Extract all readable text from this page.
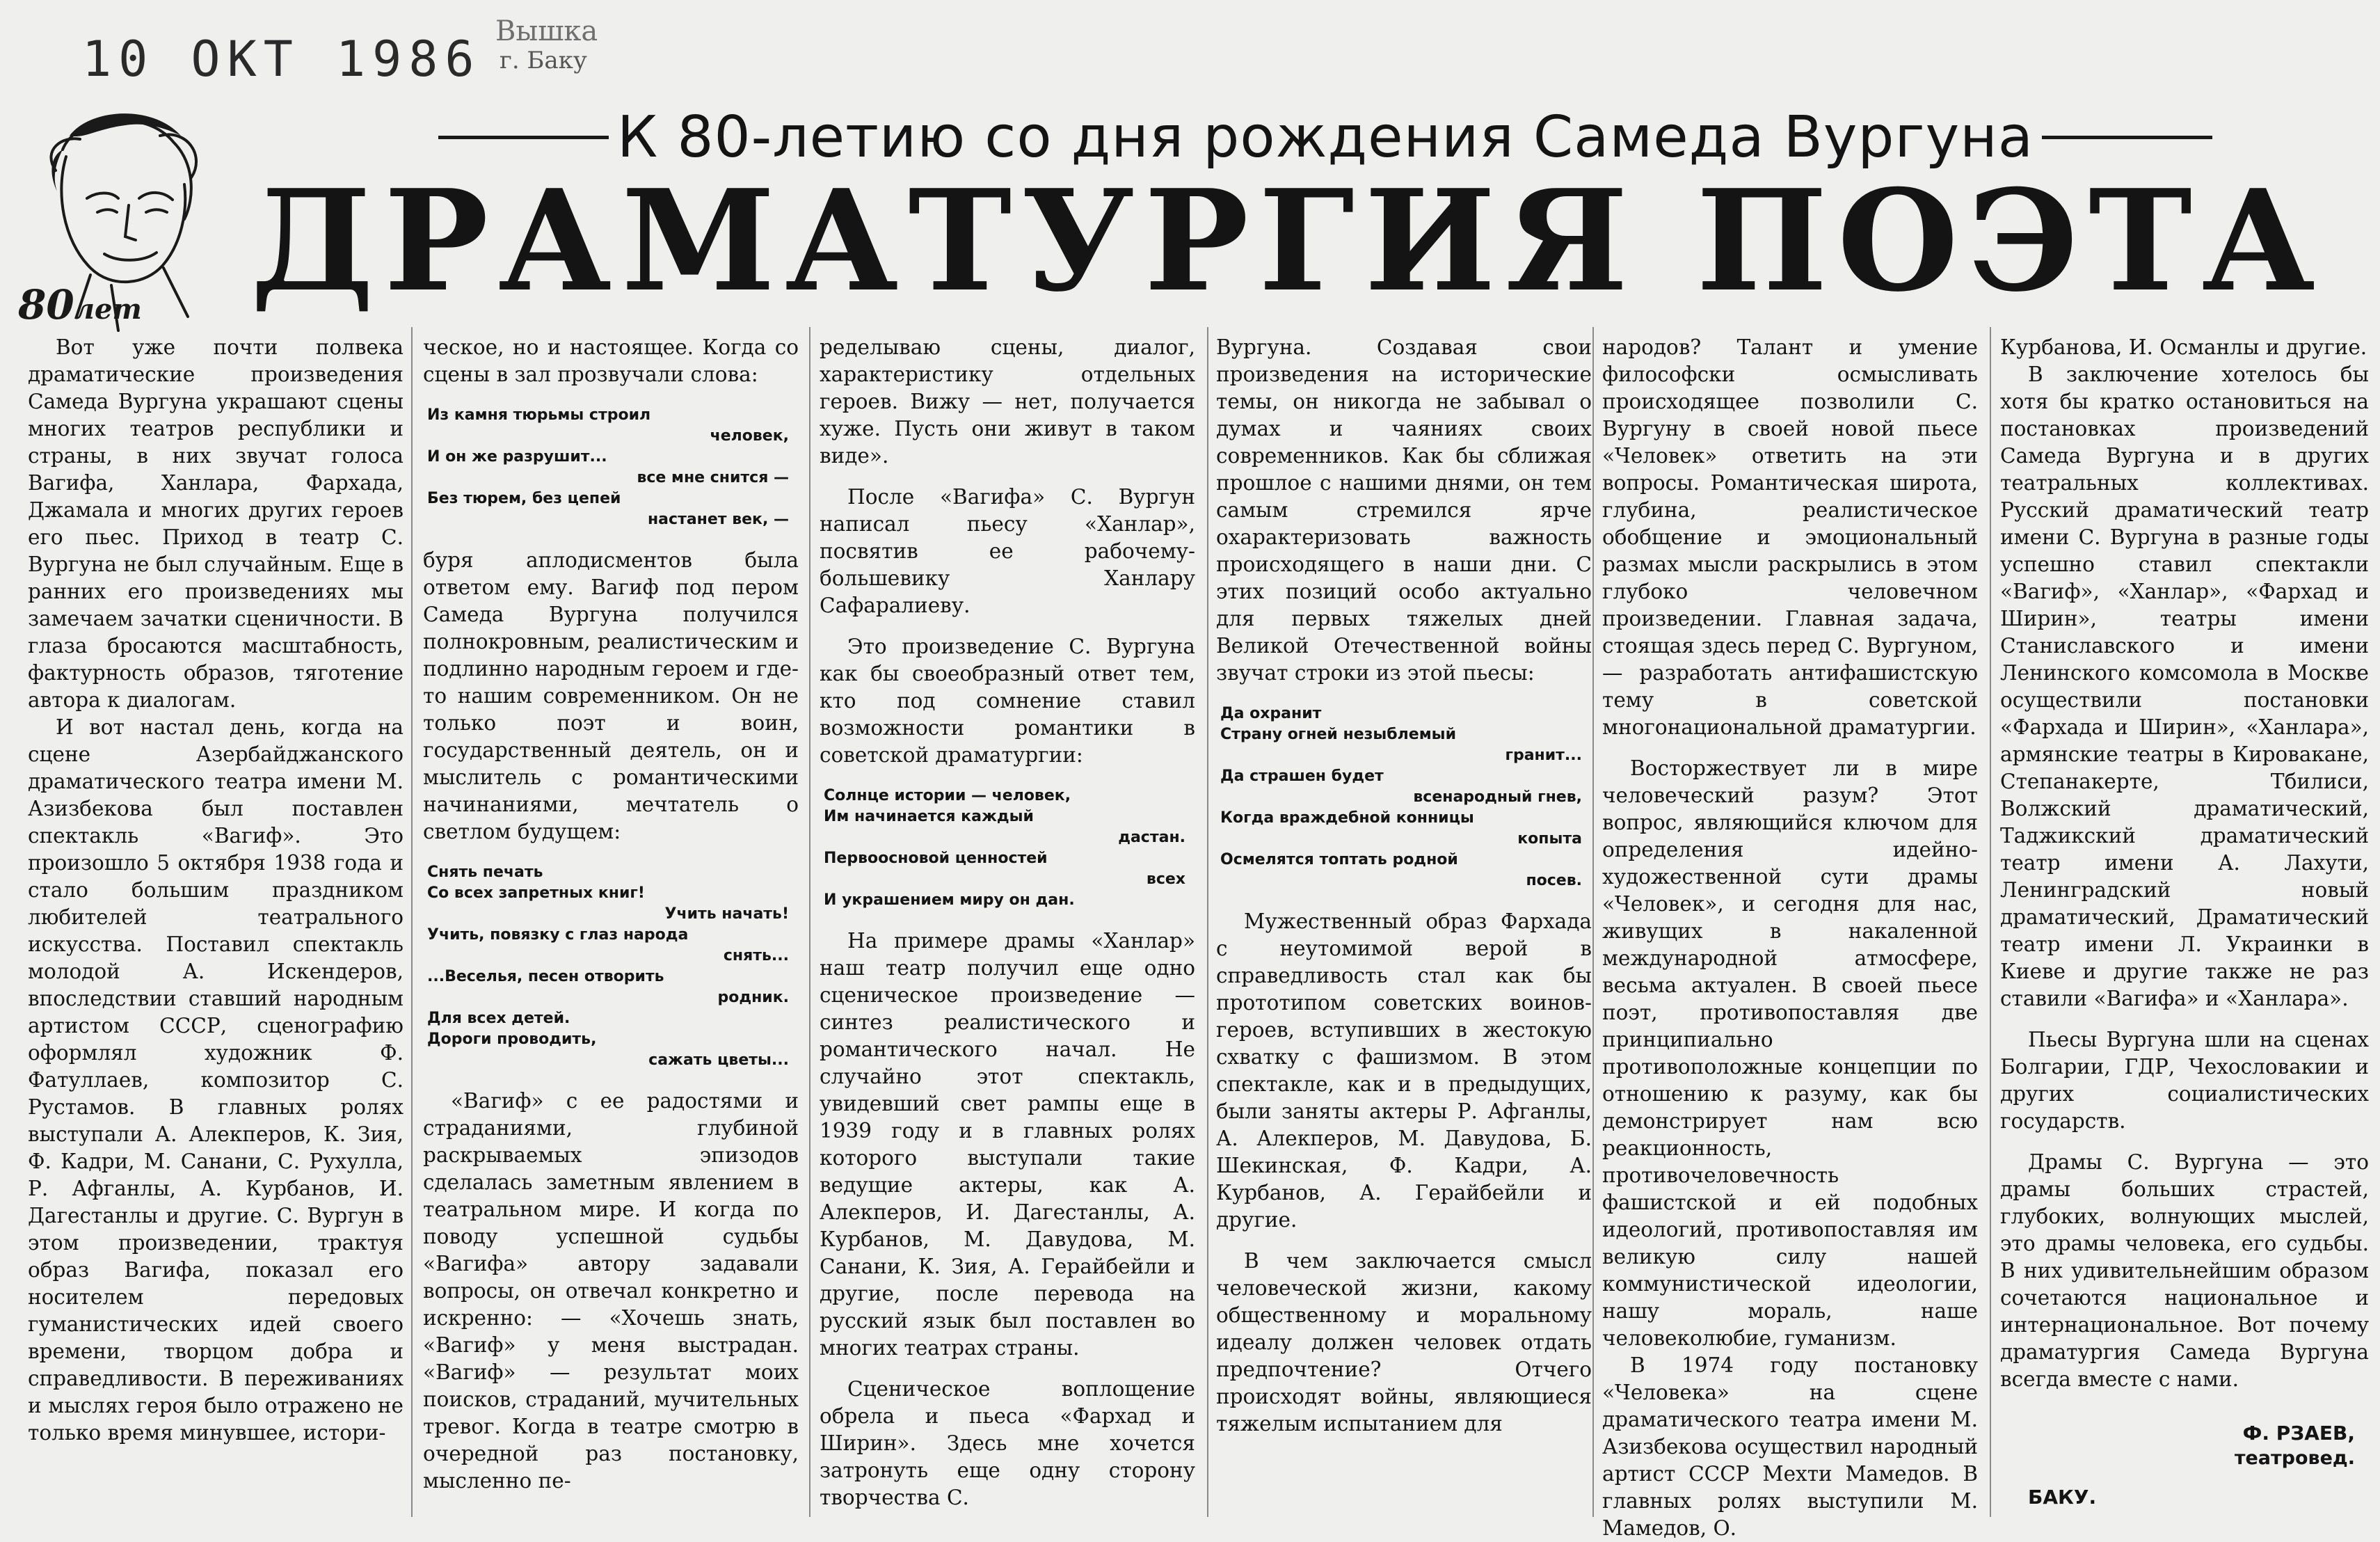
10 ОКТ 1986 Вышка
г. Баку
80лет
К 80-летию со дня рождения Самеда Вургуна
ДРАМАТУРГИЯ ПОЭТА

Вот уже почти полвека драматические произведения Самеда Вургуна украшают сцены многих театров республики и страны, в них звучат голоса Вагифа, Ханлара, Фархада, Джамала и многих других героев его пьес. Приход в театр С. Вургуна не был случайным. Еще в ранних его произведениях мы замечаем зачатки сценичности. В глаза бросаются масштабность, фактурность образов, тяготение автора к диалогам.

И вот настал день, когда на сцене Азербайджанского драматического театра имени М. Азизбекова был поставлен спектакль «Вагиф». Это произошло 5 октября 1938 года и стало большим праздником любителей театрального искусства. Поставил спектакль молодой А. Искендеров, впоследствии ставший народным артистом СССР, сценографию оформлял художник Ф. Фатуллаев, композитор С. Рустамов. В главных ролях выступали А. Алекперов, К. Зия, Ф. Кадри, М. Санани, С. Рухулла, Р. Афганлы, А. Курбанов, И. Дагестанлы и другие. С. Вургун в этом произведении, трактуя образ Вагифа, показал его носителем передовых гуманистических идей своего времени, творцом добра и справедливости. В переживаниях и мыслях героя было отражено не только время минувшее, истори-

ческое, но и настоящее. Когда со сцены в зал прозвучали слова:

Из камня тюрьмы строил
человек,
И он же разрушит...
все мне снится —
Без тюрем, без цепей
настанет век, —

буря аплодисментов была ответом ему. Вагиф под пером Самеда Вургуна получился полнокровным, реалистическим и подлинно народным героем и где-то нашим современником. Он не только поэт и воин, государственный деятель, он и мыслитель с романтическими начинаниями, мечтатель о светлом будущем:

Снять печать
Со всех запретных книг!
Учить начать!
Учить, повязку с глаз народа
снять...
...Веселья, песен отворить
родник.
Для всех детей.
Дороги проводить,
сажать цветы...

«Вагиф» с ее радостями и страданиями, глубиной раскрываемых эпизодов сделалась заметным явлением в театральном мире. И когда по поводу успешной судьбы «Вагифа» автору задавали вопросы, он отвечал конкретно и искренно: — «Хочешь знать, «Вагиф» у меня выстрадан. «Вагиф» — результат моих поисков, страданий, мучительных тревог. Когда в театре смотрю в очередной раз постановку, мысленно пе-

ределываю сцены, диалог, характеристику отдельных героев. Вижу — нет, получается хуже. Пусть они живут в таком виде».

После «Вагифа» С. Вургун написал пьесу «Ханлар», посвятив ее рабочему-большевику Ханлару Сафаралиеву.

Это произведение С. Вургуна как бы своеобразный ответ тем, кто под сомнение ставил возможности романтики в советской драматургии:

Солнце истории — человек,
Им начинается каждый
дастан.
Первоосновой ценностей
всех
И украшением миру он дан.

На примере драмы «Ханлар» наш театр получил еще одно сценическое произведение — синтез реалистического и романтического начал. Не случайно этот спектакль, увидевший свет рампы еще в 1939 году и в главных ролях которого выступали такие ведущие актеры, как А. Алекперов, И. Дагестанлы, А. Курбанов, М. Давудова, М. Санани, К. Зия, А. Герайбейли и другие, после перевода на русский язык был поставлен во многих театрах страны.

Сценическое воплощение обрела и пьеса «Фархад и Ширин». Здесь мне хочется затронуть еще одну сторону творчества С.

Вургуна. Создавая свои произведения на исторические темы, он никогда не забывал о думах и чаяниях своих современников. Как бы сближая прошлое с нашими днями, он тем самым стремился ярче охарактеризовать важность происходящего в наши дни. С этих позиций особо актуально для первых тяжелых дней Великой Отечественной войны звучат строки из этой пьесы:

Да охранит
Страну огней незыблемый
гранит...
Да страшен будет
всенародный гнев,
Когда враждебной конницы
копыта
Осмелятся топтать родной
посев.

Мужественный образ Фархада с неутомимой верой в справедливость стал как бы прототипом советских воинов-героев, вступивших в жестокую схватку с фашизмом. В этом спектакле, как и в предыдущих, были заняты актеры Р. Афганлы, А. Алекперов, М. Давудова, Б. Шекинская, Ф. Кадри, А. Курбанов, А. Герайбейли и другие.

В чем заключается смысл человеческой жизни, какому общественному и моральному идеалу должен человек отдать предпочтение? Отчего происходят войны, являющиеся тяжелым испытанием для

народов? Талант и умение философски осмысливать происходящее позволили С. Вургуну в своей новой пьесе «Человек» ответить на эти вопросы. Романтическая широта, глубина, реалистическое обобщение и эмоциональный размах мысли раскрылись в этом глубоко человечном произведении. Главная задача, стоящая здесь перед С. Вургуном, — разработать антифашистскую тему в советской многонациональной драматургии.

Восторжествует ли в мире человеческий разум? Этот вопрос, являющийся ключом для определения идейно-художественной сути драмы «Человек», и сегодня для нас, живущих в накаленной международной атмосфере, весьма актуален. В своей пьесе поэт, противопоставляя две принципиально противоположные концепции по отношению к разуму, как бы демонстрирует нам всю реакционность, противочеловечность фашистской и ей подобных идеологий, противопоставляя им великую силу нашей коммунистической идеологии, нашу мораль, нашe человеколюбие, гуманизм.

В 1974 году постановку «Человека» на сцене драматического театра имени М. Азизбекова осуществил народный артист СССР Мехти Мамедов. В главных ролях выступили М. Мамедов, О.

Курбанова, И. Османлы и другие.

В заключение хотелось бы хотя бы кратко остановиться на постановках произведений Самеда Вургуна и в других театральных коллективах. Русский драматический театр имени С. Вургуна в разные годы успешно ставил спектакли «Вагиф», «Ханлар», «Фархад и Ширин», театры имени Станиславского и имени Ленинского комсомола в Москве осуществили постановки «Фархада и Ширин», «Ханлара», армянские театры в Кировакане, Степанакерте, Тбилиси, Волжский драматический, Таджикский драматический театр имени А. Лахути, Ленинградский новый драматический, Драматический театр имени Л. Украинки в Киеве и другие также не раз ставили «Вагифа» и «Ханлара».

Пьесы Вургуна шли на сценах Болгарии, ГДР, Чехословакии и других социалистических государств.

Драмы С. Вургуна — это драмы больших страстей, глубоких, волнующих мыслей, это драмы человека, его судьбы. В них удивительнейшим образом сочетаются национальное и интернациональное. Вот почему драматургия Самеда Вургуна всегда вместе с нами.

Ф. РЗАЕВ,
театровед.
БАКУ.
